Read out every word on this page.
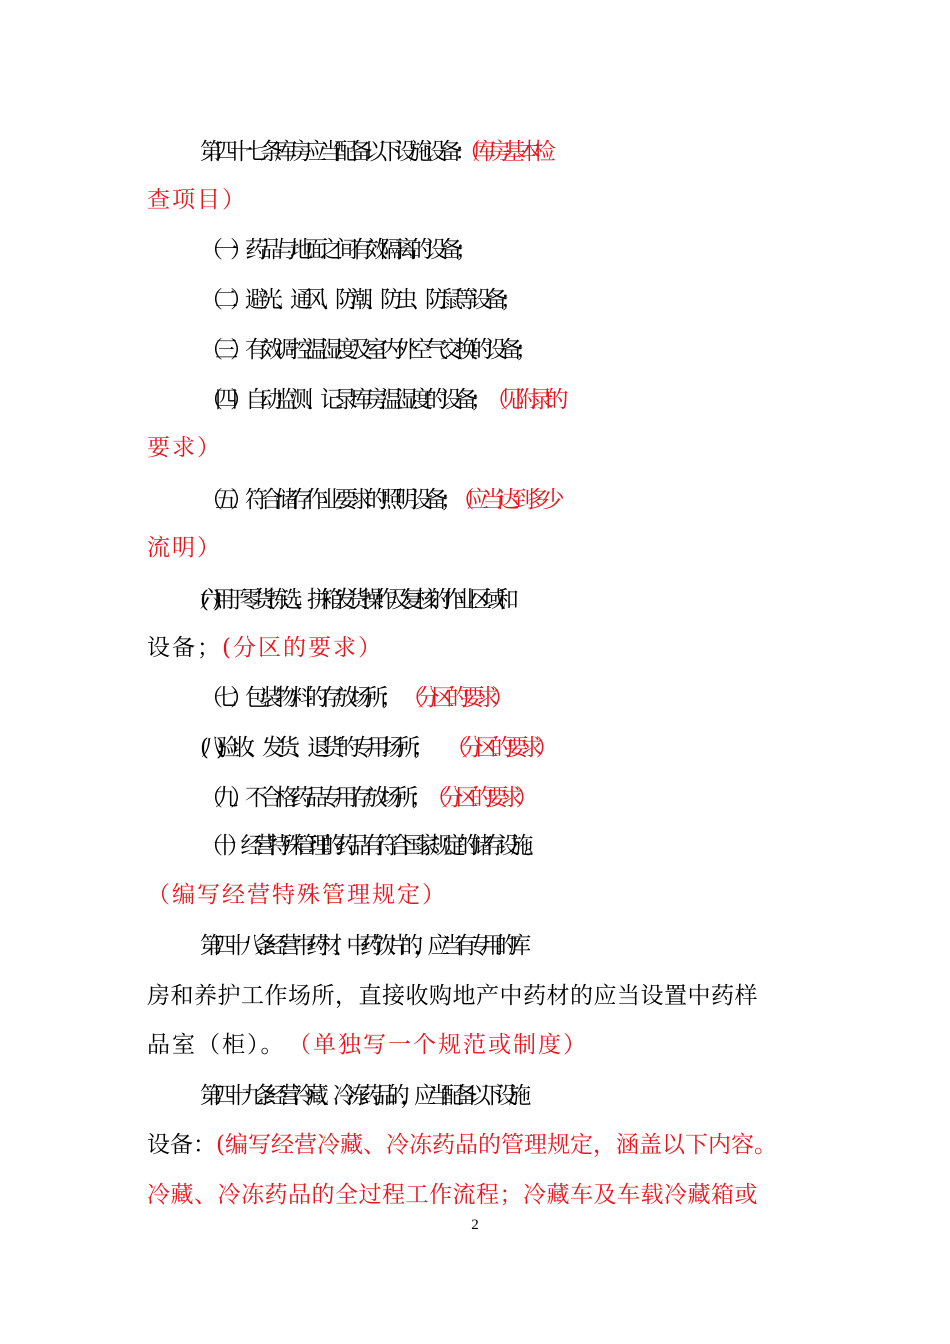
第四十七条 库房应当配备以下设施设备：（库房基本检
查项目）
（一）药品与地面之间有效隔离的设备；
（二）避光、通风、防潮、防虫、防鼠等设备；
（三）有效调控温湿度及室内外空气交换的设备；
（四）自动监测、记录库房温湿度的设备； （见附录的
要求）
（五）符合储存作业要求的照明设备； （应当达到多少
流明）
(六)用于零货拣选、拼箱发货操作及复核的作业区域和
设备；(分区的要求）
（七）包装物料的存放场所； （分区的要求）
(八)验收、发货、退货的专用场所； （分区的要求）
（九）不合格药品专用存放场所； （分区的要求）
（十）经营特殊管理的药品有符合国家规定的储存设施。
（编写经营特殊管理规定）
第四十八条 经营中药材、中药饮片的，应当有专用的库
房和养护工作场所，直接收购地产中药材的应当设置中药样
品室（柜）。 （单独写一个规范或制度）
第四十九条 经营冷藏、冷冻药品的，应当配备以下设施
设备：(编写经营冷藏、冷冻药品的管理规定，涵盖以下内容。
冷藏、冷冻药品的全过程工作流程；冷藏车及车载冷藏箱或
2
